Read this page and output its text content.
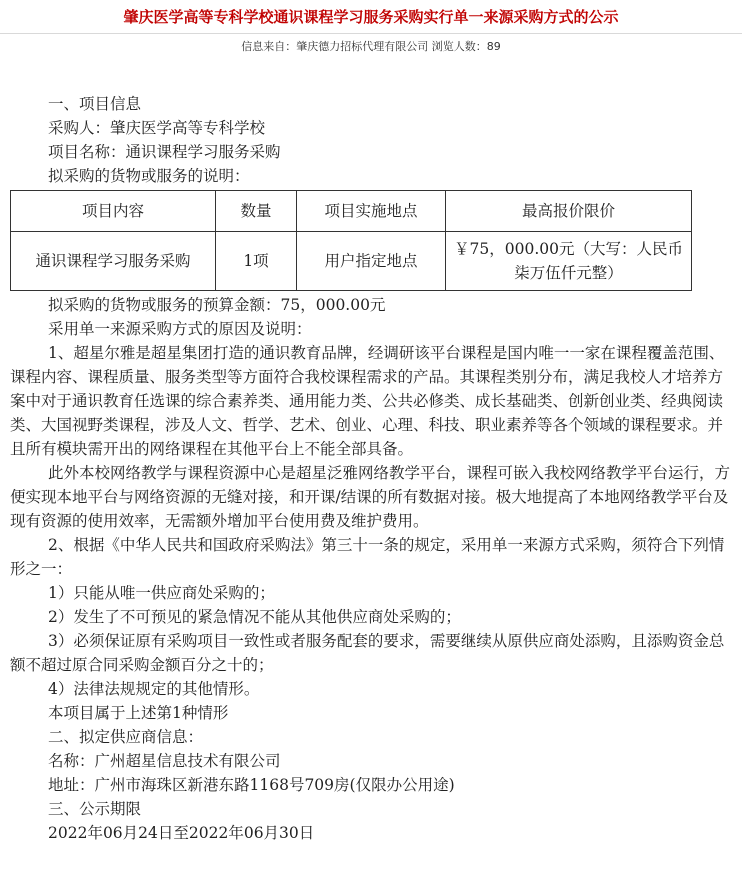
肇庆医学高等专科学校通识课程学习服务采购实行单一来源采购方式的公示
信息来自：肇庆德力招标代理有限公司 浏览人数：89

一、项目信息

采购人：肇庆医学高等专科学校

项目名称：通识课程学习服务采购

拟采购的货物或服务的说明：

项目内容	数量	项目实施地点	最高报价限价
通识课程学习服务采购	1项	用户指定地点	￥75，000.00元（大写：人民币柒万伍仟元整）

拟采购的货物或服务的预算金额：75，000.00元

采用单一来源采购方式的原因及说明：

1、超星尔雅是超星集团打造的通识教育品牌，经调研该平台课程是国内唯一一家在课程覆盖范围、课程内容、课程质量、服务类型等方面符合我校课程需求的产品。其课程类别分布，满足我校人才培养方案中对于通识教育任选课的综合素养类、通用能力类、公共必修类、成长基础类、创新创业类、经典阅读类、大国视野类课程，涉及人文、哲学、艺术、创业、心理、科技、职业素养等各个领域的课程要求。并且所有模块需开出的网络课程在其他平台上不能全部具备。

此外本校网络教学与课程资源中心是超星泛雅网络教学平台，课程可嵌入我校网络教学平台运行，方便实现本地平台与网络资源的无缝对接，和开课/结课的所有数据对接。极大地提高了本地网络教学平台及现有资源的使用效率，无需额外增加平台使用费及维护费用。

2、根据《中华人民共和国政府采购法》第三十一条的规定，采用单一来源方式采购，须符合下列情形之一：

1）只能从唯一供应商处采购的；

2）发生了不可预见的紧急情况不能从其他供应商处采购的；

3）必须保证原有采购项目一致性或者服务配套的要求，需要继续从原供应商处添购，且添购资金总额不超过原合同采购金额百分之十的；

4）法律法规规定的其他情形。

本项目属于上述第1种情形

二、拟定供应商信息：

名称：广州超星信息技术有限公司

地址：广州市海珠区新港东路1168号709房(仅限办公用途)

三、公示期限

2022年06月24日至2022年06月30日
